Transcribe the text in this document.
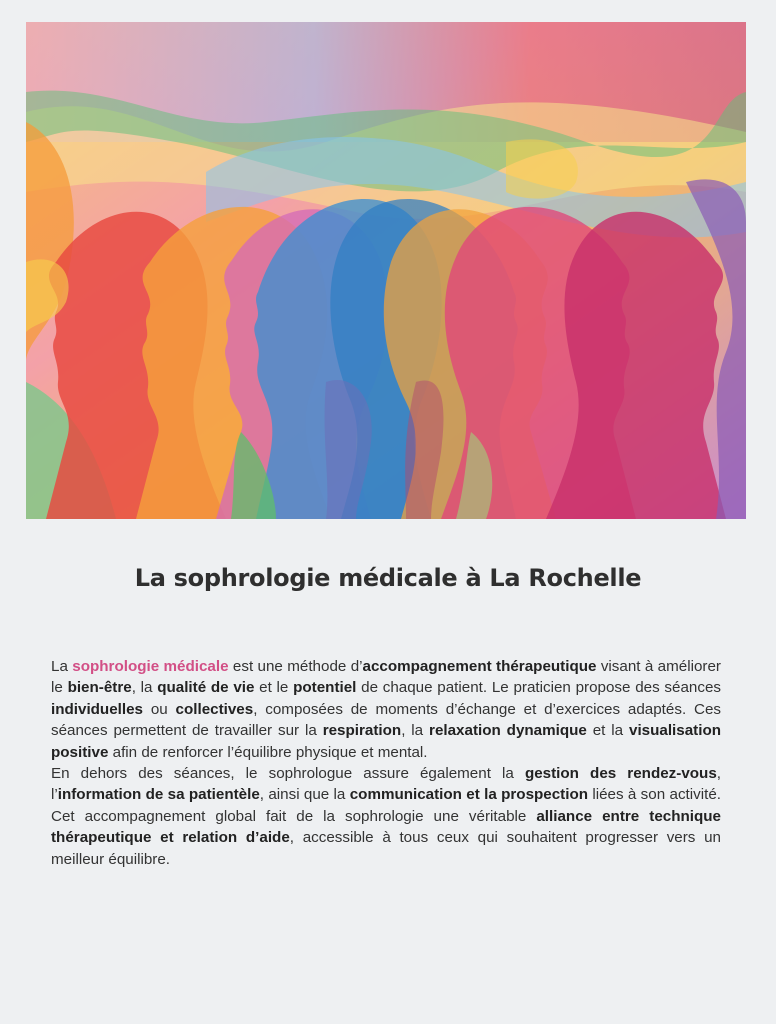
La sophrologie médicale à La Rochelle

La sophrologie médicale est une méthode d’accompagnement thérapeutique visant à améliorer le bien-être, la qualité de vie et le potentiel de chaque patient. Le praticien propose des séances individuelles ou collectives, composées de moments d’échange et d’exercices adaptés. Ces séances permettent de travailler sur la respiration, la relaxation dynamique et la visualisation positive afin de renforcer l’équilibre physique et mental.

En dehors des séances, le sophrologue assure également la gestion des rendez-vous, l’information de sa patientèle, ainsi que la communication et la prospection liées à son activité. Cet accompagnement global fait de la sophrologie une véritable alliance entre technique thérapeutique et relation d’aide, accessible à tous ceux qui souhaitent progresser vers un meilleur équilibre.
